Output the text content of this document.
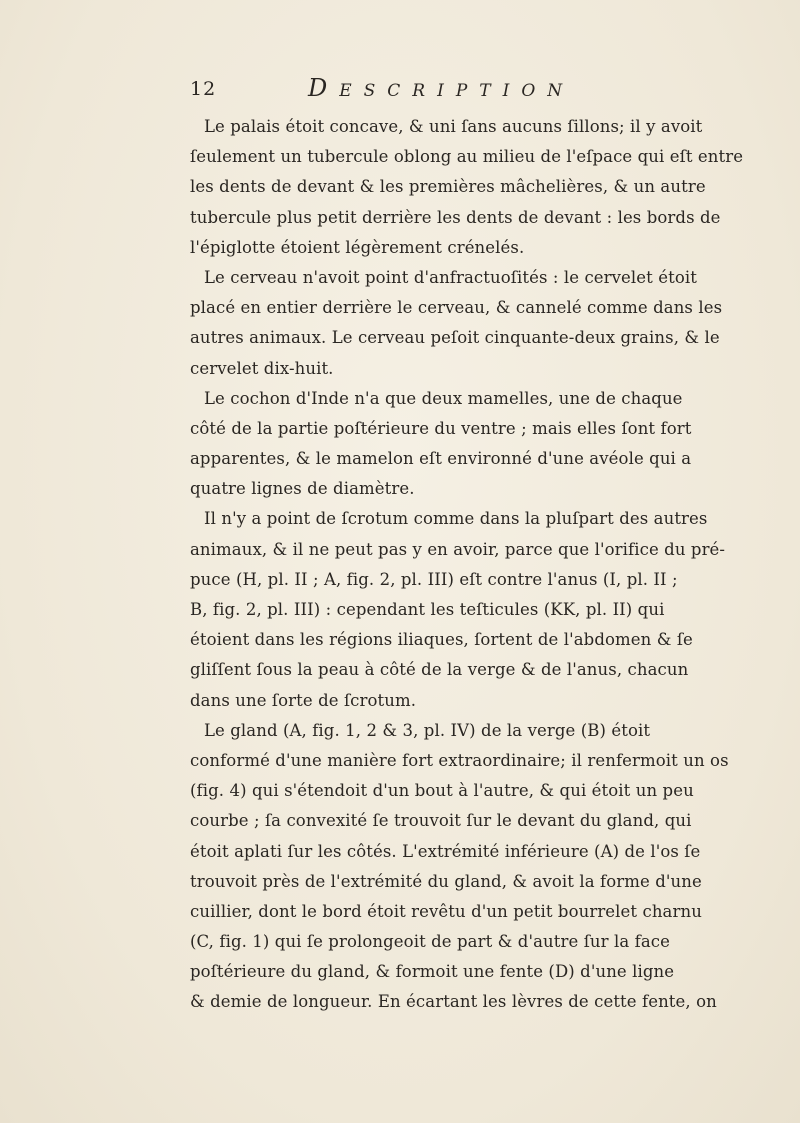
12	Description
Le palais étoit concave, & uni ſans aucuns ſillons; il y avoit
ſeulement un tubercule oblong au milieu de l'eſpace qui eſt entre
les dents de devant & les premières mâchelières, & un autre
tubercule plus petit derrière les dents de devant : les bords de
l'épiglotte étoient légèrement crénelés.
Le cerveau n'avoit point d'anfractuoſités : le cervelet étoit
placé en entier derrière le cerveau, & cannelé comme dans les
autres animaux. Le cerveau peſoit cinquante-deux grains, & le
cervelet dix-huit.
Le cochon d'Inde n'a que deux mamelles, une de chaque
côté de la partie poſtérieure du ventre ; mais elles ſont fort
apparentes, & le mamelon eſt environné d'une avéole qui a
quatre lignes de diamètre.
Il n'y a point de ſcrotum comme dans la pluſpart des autres
animaux, & il ne peut pas y en avoir, parce que l'orifice du pré-
puce (H, pl. II ; A, fig. 2, pl. III) eſt contre l'anus (I, pl. II ;
B, fig. 2, pl. III) : cependant les teſticules (KK, pl. II) qui
étoient dans les régions iliaques, ſortent de l'abdomen & ſe
gliſſent ſous la peau à côté de la verge & de l'anus, chacun
dans une ſorte de ſcrotum.
Le gland (A, fig. 1, 2 & 3, pl. IV) de la verge (B) étoit
conformé d'une manière fort extraordinaire; il renfermoit un os
(fig. 4) qui s'étendoit d'un bout à l'autre, & qui étoit un peu
courbe ; ſa convexité ſe trouvoit ſur le devant du gland, qui
étoit aplati ſur les côtés. L'extrémité inférieure (A) de l'os ſe
trouvoit près de l'extrémité du gland, & avoit la forme d'une
cuillier, dont le bord étoit revêtu d'un petit bourrelet charnu
(C, fig. 1) qui ſe prolongeoit de part & d'autre ſur la face
poſtérieure du gland, & formoit une fente (D) d'une ligne
& demie de longueur. En écartant les lèvres de cette fente, on
